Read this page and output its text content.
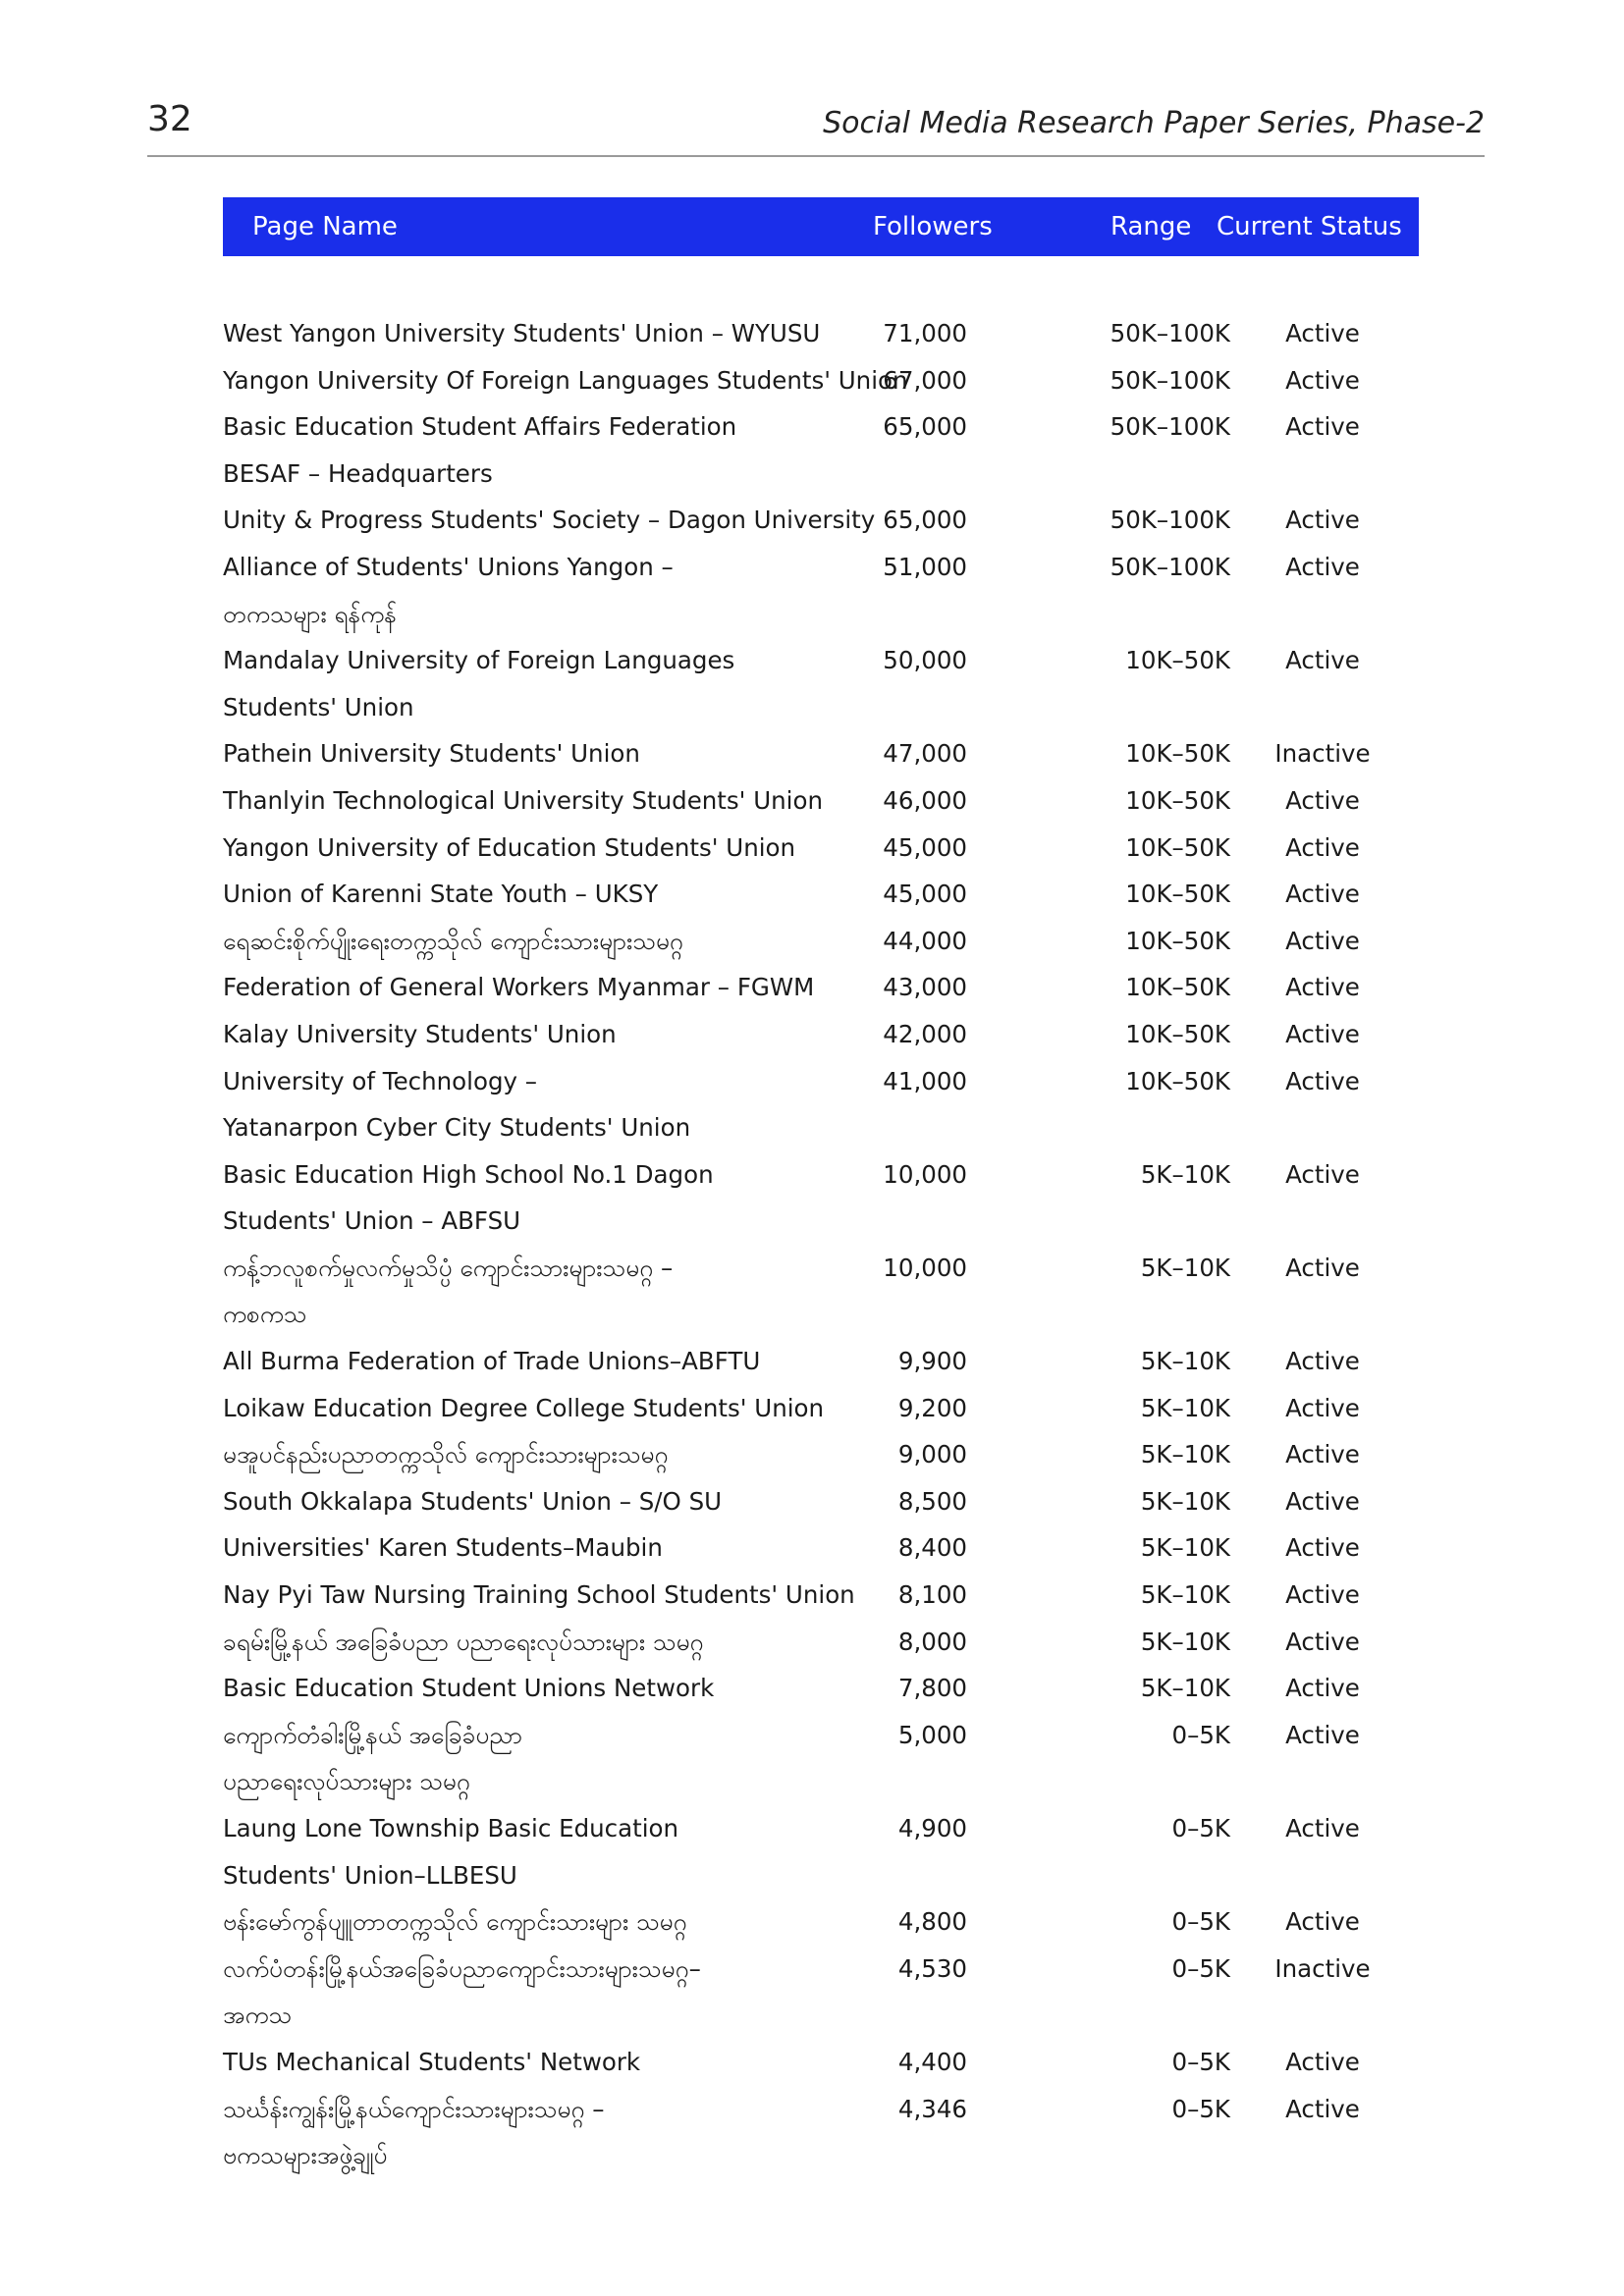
32	Social Media Research Paper Series, Phase-2
Page Name	Followers	Range Current Status
West Yangon University Students' Union – WYUSU	71,000	50K–100K	Active
Yangon University Of Foreign Languages Students' Union
67,000	50K–100K	Active
Basic Education Student Affairs Federation
BESAF – Headquarters
65,000	50K–100K	Active
Unity & Progress Students' Society – Dagon University 65,000	50K–100K	Active
Alliance of Students' Unions Yangon –
တကသများ ရန်ကုန်
51,000	50K–100K	Active
Mandalay University of Foreign Languages
Students' Union
50,000	10K–50K	Active
Pathein University Students' Union	47,000	10K–50K	Inactive
Thanlyin Technological University Students' Union	46,000	10K–50K	Active
Yangon University of Education Students' Union	45,000	10K–50K	Active
Union of Karenni State Youth – UKSY	45,000	10K–50K	Active
ရေဆင်းစိုက်ပျိုးရေးတက္ကသိုလ် ကျောင်းသားများသမဂ္ဂ	44,000	10K–50K	Active
Federation of General Workers Myanmar – FGWM	43,000	10K–50K	Active
Kalay University Students' Union	42,000	10K–50K	Active
University of Technology –
Yatanarpon Cyber City Students' Union
41,000	10K–50K	Active
Basic Education High School No.1 Dagon
Students' Union – ABFSU
10,000	5K–10K	Active
ကန့်ဘလူစက်မှုလက်မှုသိပ္ပံ ကျောင်းသားများသမဂ္ဂ –
ကစကသ
10,000	5K–10K	Active
All Burma Federation of Trade Unions–ABFTU	9,900	5K–10K	Active
Loikaw Education Degree College Students' Union	9,200	5K–10K	Active
မအူပင်နည်းပညာတက္ကသိုလ် ကျောင်းသားများသမဂ္ဂ	9,000	5K–10K	Active
South Okkalapa Students' Union – S/O SU	8,500	5K–10K	Active
Universities' Karen Students–Maubin	8,400	5K–10K	Active
Nay Pyi Taw Nursing Training School Students' Union	8,100	5K–10K	Active
ခရမ်းမြို့နယ် အခြေခံပညာ ပညာရေးလုပ်သားများ သမဂ္ဂ	8,000	5K–10K	Active
Basic Education Student Unions Network	7,800	5K–10K	Active
ကျောက်တံခါးမြို့နယ် အခြေခံပညာ
ပညာရေးလုပ်သားများ သမဂ္ဂ
5,000	0–5K	Active
Laung Lone Township Basic Education
Students' Union–LLBESU
4,900	0–5K	Active
ဗန်းမော်ကွန်ပျူတာတက္ကသိုလ် ကျောင်းသားများ သမဂ္ဂ	4,800	0–5K	Active
လက်ပံတန်းမြို့နယ်အခြေခံပညာကျောင်းသားများသမဂ္ဂ–
အကသ
4,530	0–5K	Inactive
TUs Mechanical Students' Network	4,400	0–5K	Active
သင်္ဃန်းကျွန်းမြို့နယ်ကျောင်းသားများသမဂ္ဂ –
ဗကသများအဖွဲ့ချုပ်
4,346	0–5K	Active
